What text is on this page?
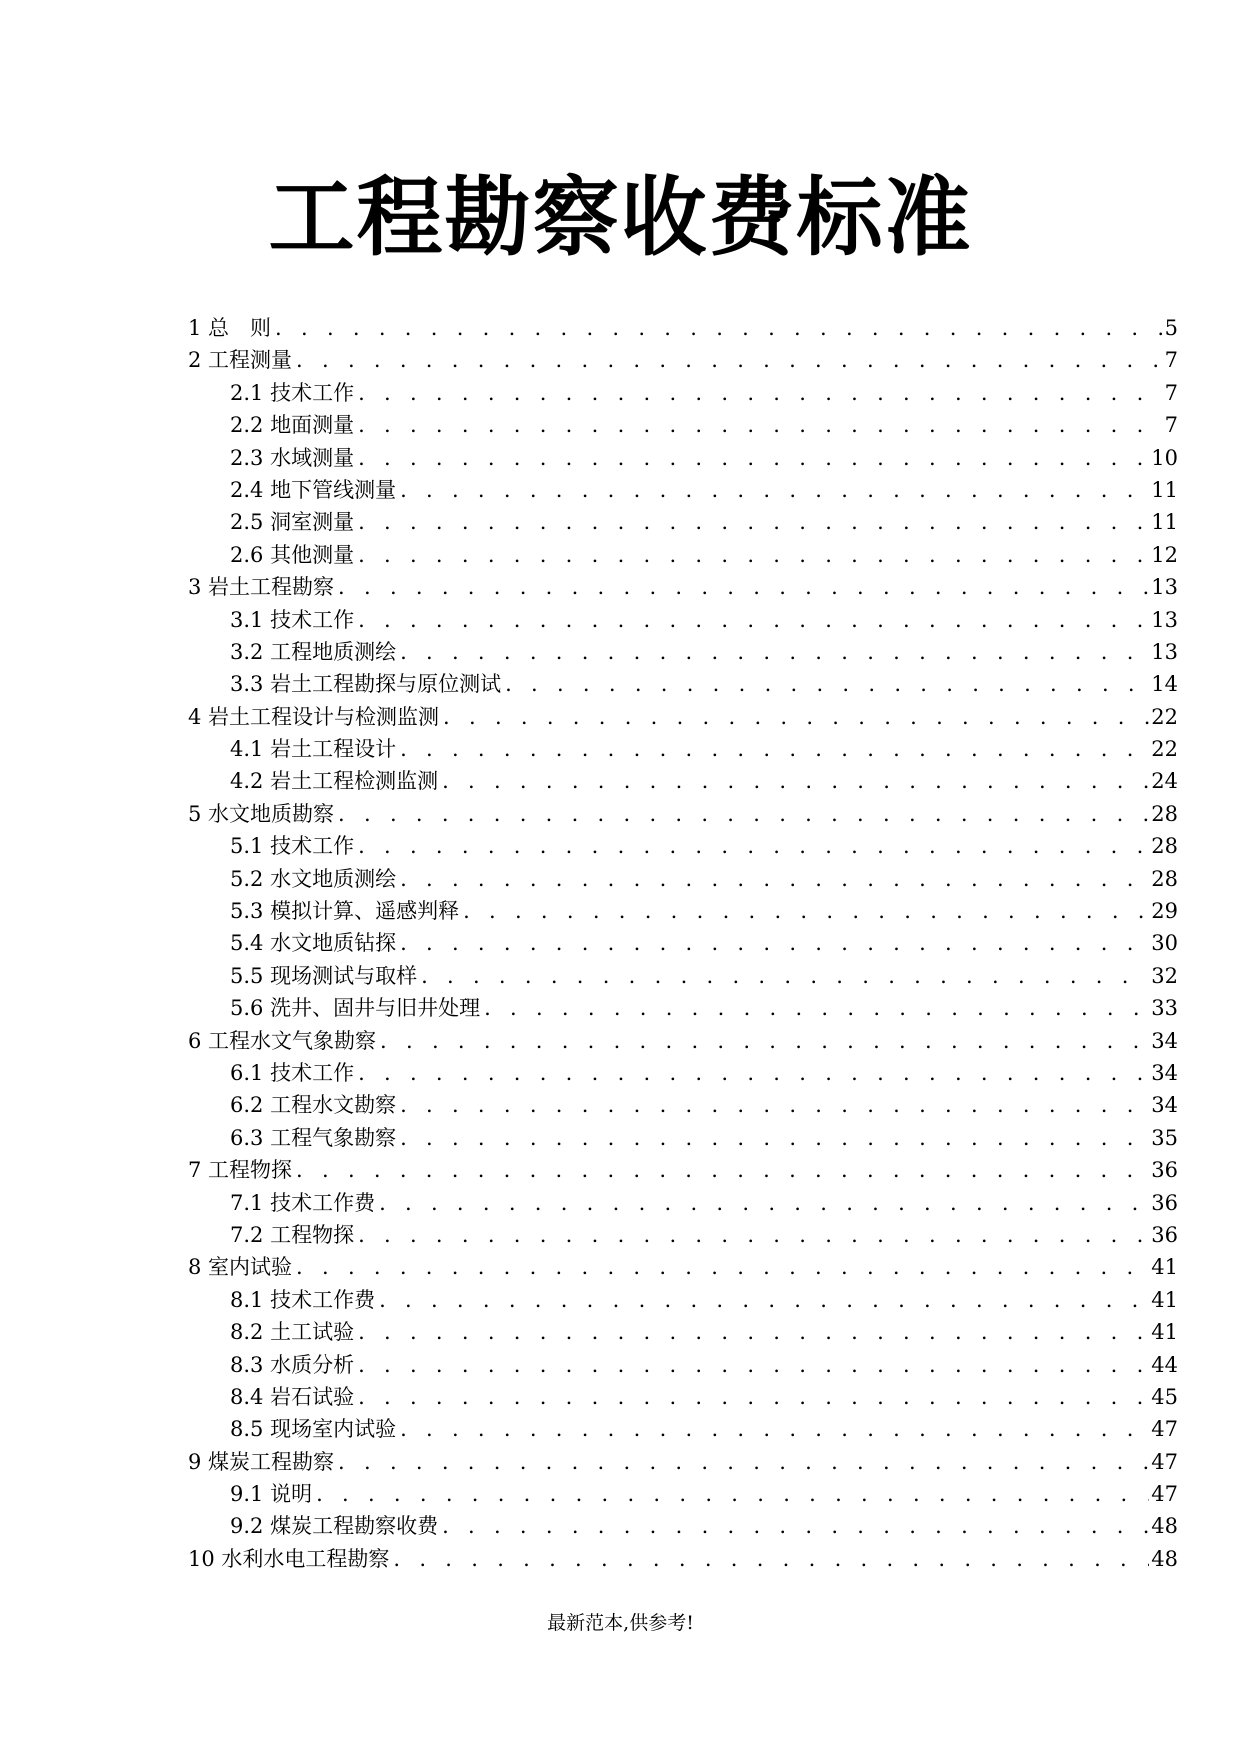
工程勘察收费标准
1 总　则 . . .	5
2 工程测量 . . .	7
2.1 技术工作 . . .	7
2.2 地面测量 . . .	7
2.3 水域测量 . . .	10
2.4 地下管线测量 . . .	11
2.5 洞室测量 . . .	11
2.6 其他测量 . . .	12
3 岩土工程勘察 . . .	13
3.1 技术工作 . . .	13
3.2 工程地质测绘 . . .	13
3.3 岩土工程勘探与原位测试 . . .	14
4 岩土工程设计与检测监测 . . .	22
4.1 岩土工程设计 . . .	22
4.2 岩土工程检测监测 . . .	24
5 水文地质勘察 . . .	28
5.1 技术工作 . . .	28
5.2 水文地质测绘 . . .	28
5.3 模拟计算、遥感判释 . . .	29
5.4 水文地质钻探 . . .	30
5.5 现场测试与取样 . . .	32
5.6 洗井、固井与旧井处理 . . .	33
6 工程水文气象勘察 . . .	34
6.1 技术工作 . . .	34
6.2 工程水文勘察 . . .	34
6.3 工程气象勘察 . . .	35
7 工程物探 . . .	36
7.1 技术工作费 . . .	36
7.2 工程物探 . . .	36
8 室内试验 . . .	41
8.1 技术工作费 . . .	41
8.2 土工试验 . . .	41
8.3 水质分析 . . .	44
8.4 岩石试验 . . .	45
8.5 现场室内试验 . . .	47
9 煤炭工程勘察 . . .	47
9.1 说明 . . .	47
9.2 煤炭工程勘察收费 . . .	48
10 水利水电工程勘察 . . .	48
最新范本,供参考!
